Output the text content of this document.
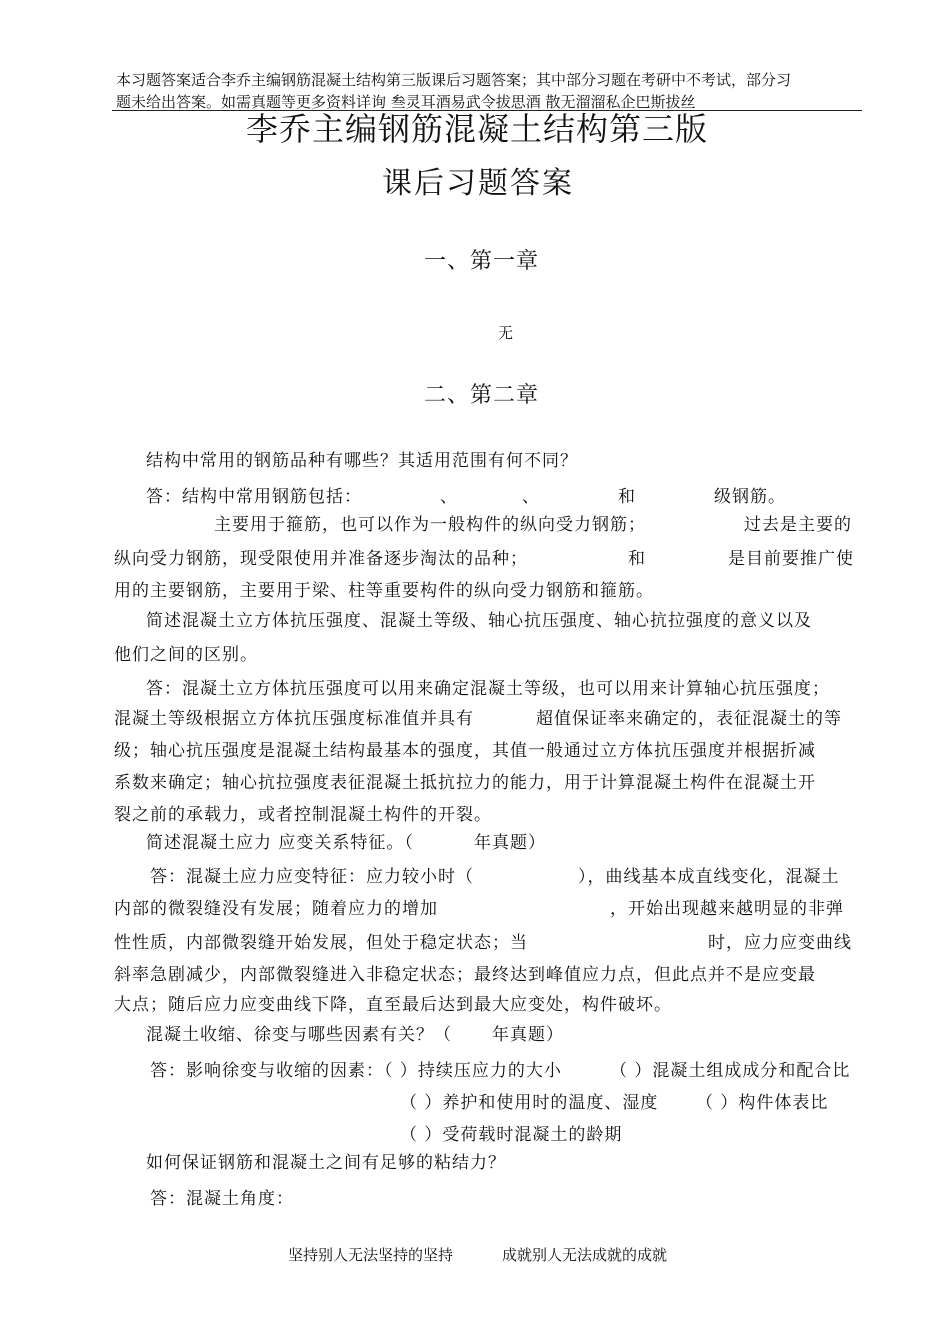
本习题答案适合李乔主编钢筋混凝土结构第三版课后习题答案；其中部分习题在考研中不考试，部分习
题未给出答案。如需真题等更多资料详询 叁灵耳酒易武令拔思酒 散无溜溜私企巴斯拔丝
李乔主编钢筋混凝土结构第三版
课后习题答案
一、第一章
无
二、第二章
结构中常用的钢筋品种有哪些？其适用范围有何不同？
答：结构中常用钢筋包括：	、	、	和	级钢筋。
主要用于箍筋，也可以作为一般构件的纵向受力钢筋；	过去是主要的
纵向受力钢筋，现受限使用并准备逐步淘汰的品种；	和	是目前要推广使
用的主要钢筋，主要用于梁、柱等重要构件的纵向受力钢筋和箍筋。
简述混凝土立方体抗压强度、混凝土等级、轴心抗压强度、轴心抗拉强度的意义以及
他们之间的区别。
答：混凝土立方体抗压强度可以用来确定混凝土等级，也可以用来计算轴心抗压强度；
混凝土等级根据立方体抗压强度标准值并具有	超值保证率来确定的，表征混凝土的等
级；轴心抗压强度是混凝土结构最基本的强度，其值一般通过立方体抗压强度并根据折减
系数来确定；轴心抗拉强度表征混凝土抵抗拉力的能力，用于计算混凝土构件在混凝土开
裂之前的承载力，或者控制混凝土构件的开裂。
简述混凝土应力 应变关系特征。（	年真题）
答：混凝土应力应变特征：应力较小时（	），曲线基本成直线变化，混凝土
内部的微裂缝没有发展；随着应力的增加	，开始出现越来越明显的非弹
性性质，内部微裂缝开始发展，但处于稳定状态；当	时，应力应变曲线
斜率急剧减少，内部微裂缝进入非稳定状态；最终达到峰值应力点，但此点并不是应变最
大点；随后应力应变曲线下降，直至最后达到最大应变处，构件破坏。
混凝土收缩、徐变与哪些因素有关？（ 年真题）
答：影响徐变与收缩的因素：（ ）持续压应力的大小	（ ）混凝土组成成分和配合比
（ ）养护和使用时的温度、湿度 （ ）构件体表比
（ ）受荷载时混凝土的龄期
如何保证钢筋和混凝土之间有足够的粘结力？
答：混凝土角度：
坚持别人无法坚持的坚持	成就别人无法成就的成就
